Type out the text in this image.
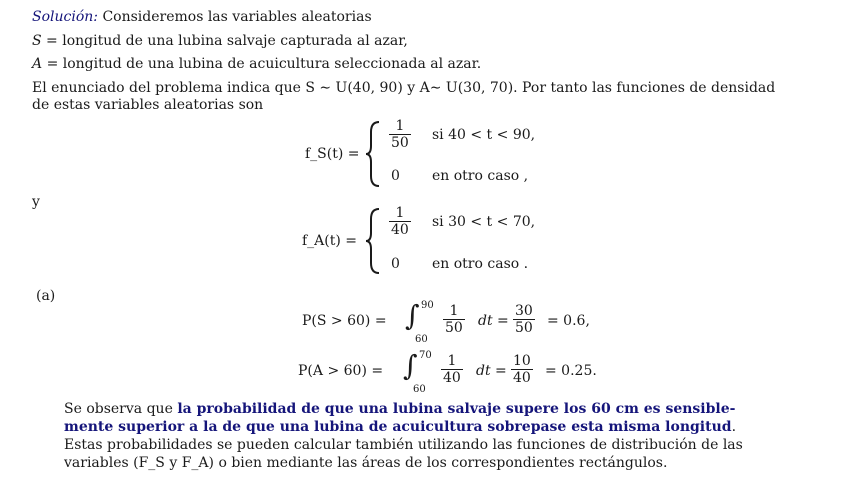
Solución: Consideremos las variables aleatorias
S = longitud de una lubina salvaje capturada al azar,
A = longitud de una lubina de acuicultura seleccionada al azar.
El enunciado del problema indica que S ∼ U(40, 90) y A∼ U(30, 70). Por tanto las funciones de densidad
de estas variables aleatorias son
f_S(t) =
$\frac{1}{50}$ si 40 < t < 90,
0 en otro caso ,
y
f_A(t) =
$\frac{1}{40}$ si 30 < t < 70,
0 en otro caso .
(a)
P(S > 60) = ∫ 90
60
$\frac{1}{50}$ dt = $\frac{30}{50} = 0.6$,
P(A > 60) = ∫ 70
60
$\frac{1}{40}$ dt = $\frac{10}{40} = 0.25$.
Se observa que la probabilidad de que una lubina salvaje supere los 60 cm es sensible-
mente superior a la de que una lubina de acuicultura sobrepase esta misma longitud.
Estas probabilidades se pueden calcular también utilizando las funciones de distribución de las
variables (F_S y F_A) o bien mediante las áreas de los correspondientes rectángulos.
